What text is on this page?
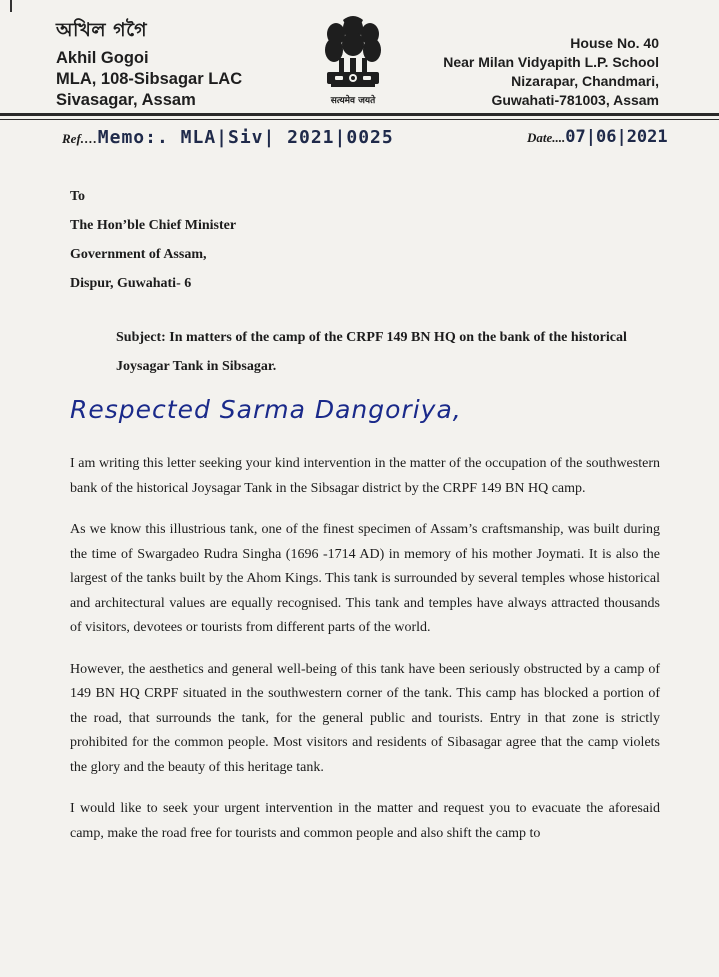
অখিল গগৈ
Akhil Gogoi
MLA, 108-Sibsagar LAC
Sivasagar, Assam	सत्यमेव जयते
House No. 40
Near Milan Vidyapith L.P. School
Nizarapar, Chandmari,
Guwahati-781003, Assam
Ref....Memo:. MLA|Siv| 2021|0025	Date....07|06|2021
To
The Hon’ble Chief Minister
Government of Assam,
Dispur, Guwahati- 6
Subject: In matters of the camp of the CRPF 149 BN HQ on the bank of the historical
Joysagar Tank in Sibsagar.
Respected Sarma Dangoriya,

I am writing this letter seeking your kind intervention in the matter of the occupation of the southwestern bank of the historical Joysagar Tank in the Sibsagar district by the CRPF 149 BN HQ camp.

As we know this illustrious tank, one of the finest specimen of Assam’s craftsmanship, was built during the time of Swargadeo Rudra Singha (1696 -1714 AD) in memory of his mother Joymati. It is also the largest of the tanks built by the Ahom Kings. This tank is surrounded by several temples whose historical and architectural values are equally recognised. This tank and temples have always attracted thousands of visitors, devotees or tourists from different parts of the world.

However, the aesthetics and general well-being of this tank have been seriously obstructed by a camp of 149 BN HQ CRPF situated in the southwestern corner of the tank. This camp has blocked a portion of the road, that surrounds the tank, for the general public and tourists. Entry in that zone is strictly prohibited for the common people. Most visitors and residents of Sibasagar agree that the camp violets the glory and the beauty of this heritage tank.

I would like to seek your urgent intervention in the matter and request you to evacuate the aforesaid camp, make the road free for tourists and common people and also shift the camp to
